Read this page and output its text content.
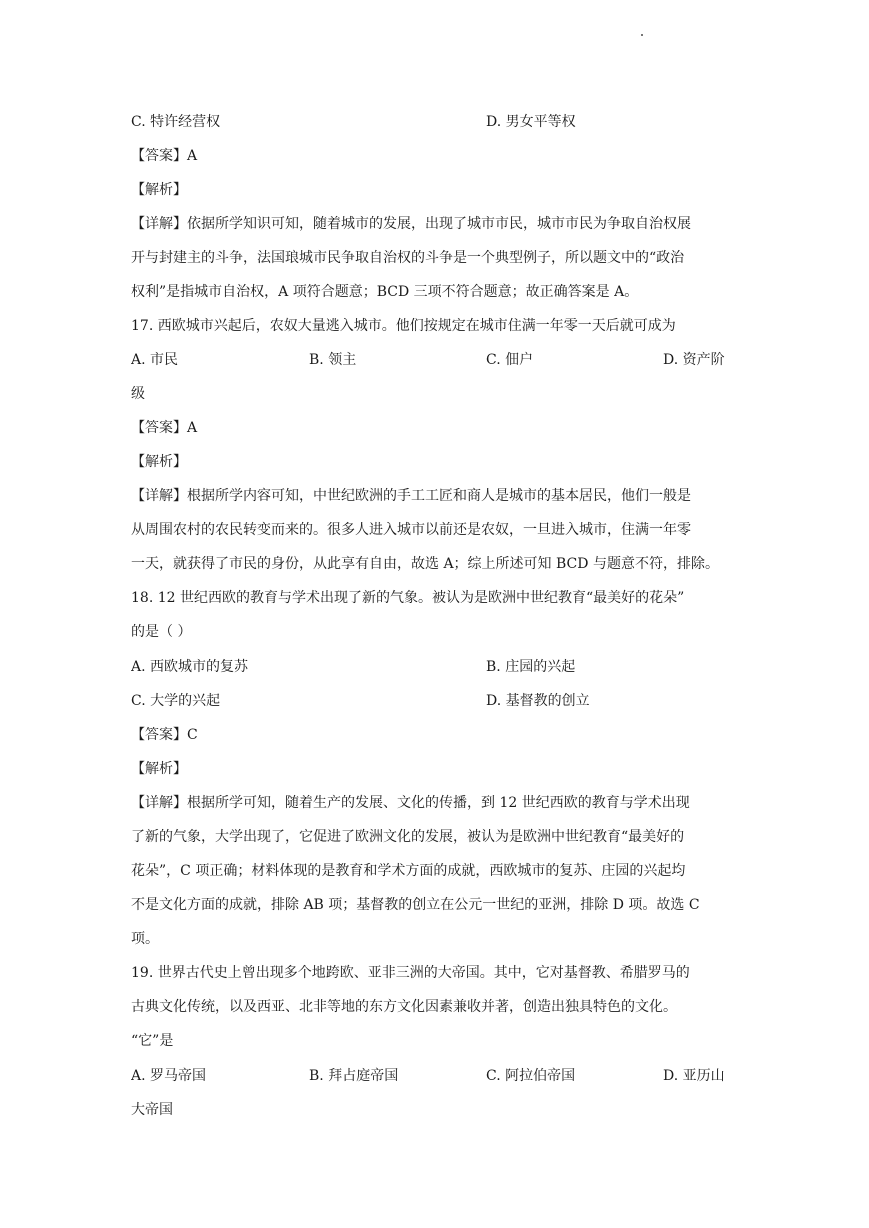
C. 特许经营权	D. 男女平等权
【答案】A
【解析】
【详解】依据所学知识可知，随着城市的发展，出现了城市市民，城市市民为争取自治权展
开与封建主的斗争，法国琅城市民争取自治权的斗争是一个典型例子，所以题文中的“政治
权利”是指城市自治权，A 项符合题意；BCD 三项不符合题意；故正确答案是 A。
17. 西欧城市兴起后，农奴大量逃入城市。他们按规定在城市住满一年零一天后就可成为
A. 市民	B. 领主	C. 佃户	D. 资产阶
级
【答案】A
【解析】
【详解】根据所学内容可知，中世纪欧洲的手工工匠和商人是城市的基本居民，他们一般是
从周围农村的农民转变而来的。很多人进入城市以前还是农奴，一旦进入城市，住满一年零
一天，就获得了市民的身份，从此享有自由，故选 A；综上所述可知 BCD 与题意不符，排除。
18. 12 世纪西欧的教育与学术出现了新的气象。被认为是欧洲中世纪教育“最美好的花朵”
的是（ ）
A. 西欧城市的复苏	B. 庄园的兴起
C. 大学的兴起	D. 基督教的创立
【答案】C
【解析】
【详解】根据所学可知，随着生产的发展、文化的传播，到 12 世纪西欧的教育与学术出现
了新的气象，大学出现了，它促进了欧洲文化的发展，被认为是欧洲中世纪教育“最美好的
花朵”，C 项正确；材料体现的是教育和学术方面的成就，西欧城市的复苏、庄园的兴起均
不是文化方面的成就，排除 AB 项；基督教的创立在公元一世纪的亚洲，排除 D 项。故选 C
项。
19. 世界古代史上曾出现多个地跨欧、亚非三洲的大帝国。其中，它对基督教、希腊罗马的
古典文化传统，以及西亚、北非等地的东方文化因素兼收并著，创造出独具特色的文化。
“它”是
A. 罗马帝国	B. 拜占庭帝国	C. 阿拉伯帝国	D. 亚历山
大帝国
